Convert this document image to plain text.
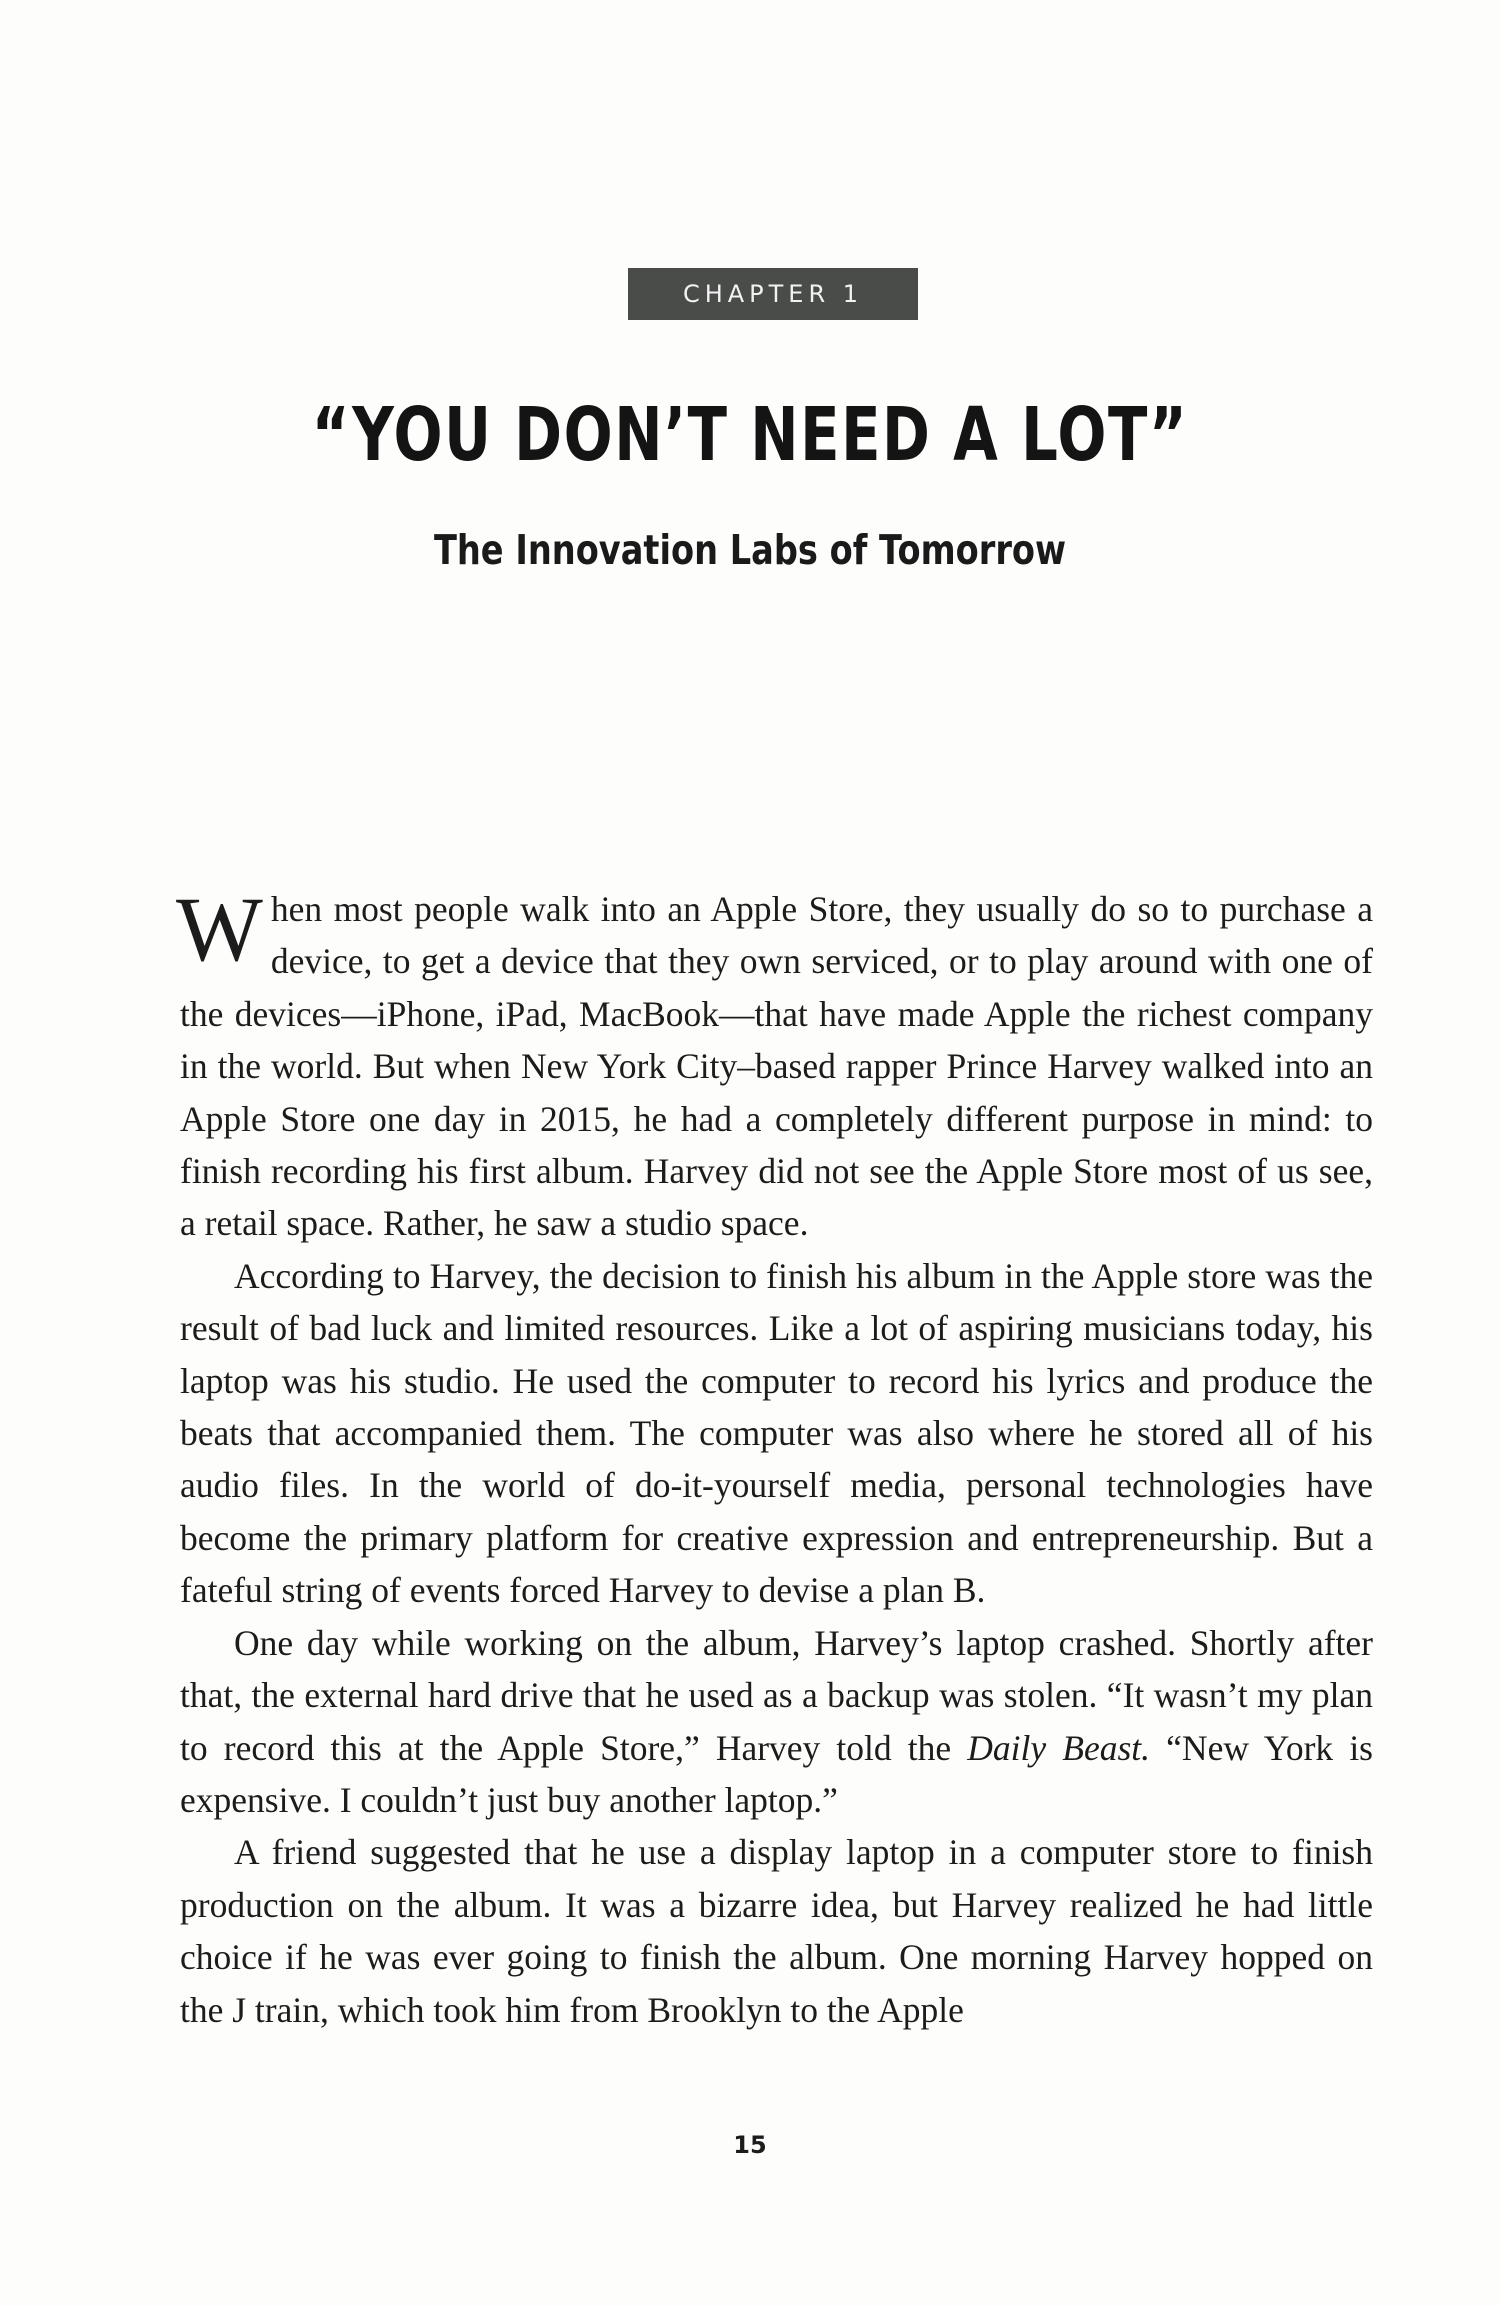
CHAPTER 1
“YOU DON’T NEED A LOT”
The Innovation Labs of Tomorrow

When most people walk into an Apple Store, they usually do so to purchase a device, to get a device that they own serviced, or to play around with one of the devices—iPhone, iPad, MacBook—that have made Apple the richest company in the world. But when New York City–based rapper Prince Harvey walked into an Apple Store one day in 2015, he had a completely different purpose in mind: to finish recording his first album. Harvey did not see the Apple Store most of us see, a retail space. Rather, he saw a studio space.

According to Harvey, the decision to finish his album in the Apple store was the result of bad luck and limited resources. Like a lot of aspiring musicians today, his laptop was his studio. He used the computer to record his lyrics and produce the beats that accompanied them. The computer was also where he stored all of his audio files. In the world of do-it-yourself media, personal technologies have become the primary platform for creative expression and entrepreneurship. But a fateful string of events forced Harvey to devise a plan B.

One day while working on the album, Harvey’s laptop crashed. Shortly after that, the external hard drive that he used as a backup was stolen. “It wasn’t my plan to record this at the Apple Store,” Harvey told the Daily Beast. “New York is expensive. I couldn’t just buy another laptop.”

A friend suggested that he use a display laptop in a computer store to finish production on the album. It was a bizarre idea, but Harvey realized he had little choice if he was ever going to finish the album. One morning Harvey hopped on the J train, which took him from Brooklyn to the Apple

15
